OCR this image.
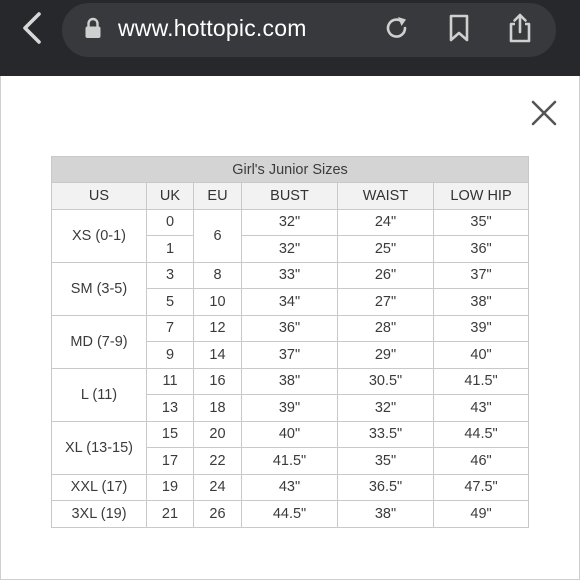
www.hottopic.com
Girl's Junior Sizes					
US	UK	EU	BUST	WAIST	LOW HIP
XS (0-1)	0	6	32"	24"	35"
	1		32"	25"	36"
SM (3-5)	3	8	33"	26"	37"
	5	10	34"	27"	38"
MD (7-9)	7	12	36"	28"	39"
	9	14	37"	29"	40"
L (11)	11	16	38"	30.5"	41.5"
	13	18	39"	32"	43"
XL (13-15)	15	20	40"	33.5"	44.5"
	17	22	41.5"	35"	46"
XXL (17)	19	24	43"	36.5"	47.5"
3XL (19)	21	26	44.5"	38"	49"
